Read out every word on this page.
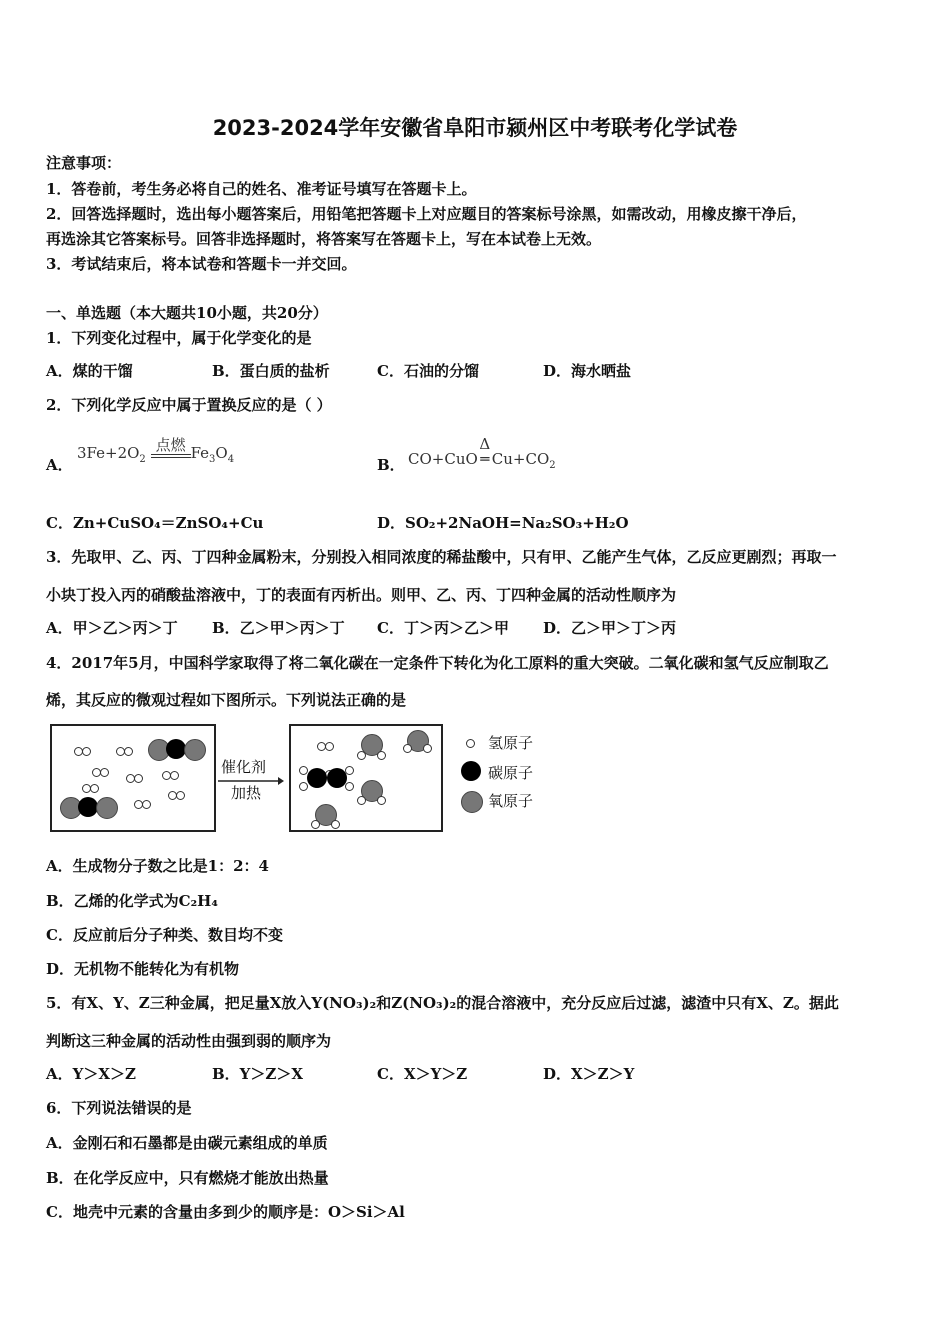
2023-2024学年安徽省阜阳市颍州区中考联考化学试卷
注意事项：
1．答卷前，考生务必将自己的姓名、准考证号填写在答题卡上。
2．回答选择题时，选出每小题答案后，用铅笔把答题卡上对应题目的答案标号涂黑，如需改动，用橡皮擦干净后，
再选涂其它答案标号。回答非选择题时，将答案写在答题卡上，写在本试卷上无效。
3．考试结束后，将本试卷和答题卡一并交回。
一、单选题（本大题共10小题，共20分）
1．下列变化过程中，属于化学变化的是
A．煤的干馏	B．蛋白质的盐析	C．石油的分馏	D．海水晒盐
2．下列化学反应中属于置换反应的是（ ）
A．
$3Fe+2O_2$
点燃 $Fe_3O_4$	B． CO+CuO
Δ
═ $Cu+CO_2$
C．Zn+CuSO₄＝ZnSO₄+Cu	D．SO₂+2NaOH=Na₂SO₃+H₂O
3．先取甲、乙、丙、丁四种金属粉末，分别投入相同浓度的稀盐酸中，只有甲、乙能产生气体，乙反应更剧烈；再取一
小块丁投入丙的硝酸盐溶液中，丁的表面有丙析出。则甲、乙、丙、丁四种金属的活动性顺序为
A．甲＞乙＞丙＞丁 B．乙＞甲＞丙＞丁 C．丁＞丙＞乙＞甲 D．乙＞甲＞丁＞丙
4．2017年5月，中国科学家取得了将二氧化碳在一定条件下转化为化工原料的重大突破。二氧化碳和氢气反应制取乙
烯，其反应的微观过程如下图所示。下列说法正确的是
催化剂
加热
氢原子
碳原子
氧原子
A．生成物分子数之比是1：2：4
B．乙烯的化学式为C₂H₄
C．反应前后分子种类、数目均不变
D．无机物不能转化为有机物
5．有X、Y、Z三种金属，把足量X放入Y(NO₃)₂和Z(NO₃)₂的混合溶液中，充分反应后过滤，滤渣中只有X、Z。据此
判断这三种金属的活动性由强到弱的顺序为
A．Y＞X＞Z	B．Y＞Z＞X	C．X＞Y＞Z	D．X＞Z＞Y
6．下列说法错误的是
A．金刚石和石墨都是由碳元素组成的单质
B．在化学反应中，只有燃烧才能放出热量
C．地壳中元素的含量由多到少的顺序是：O＞Si＞Al
